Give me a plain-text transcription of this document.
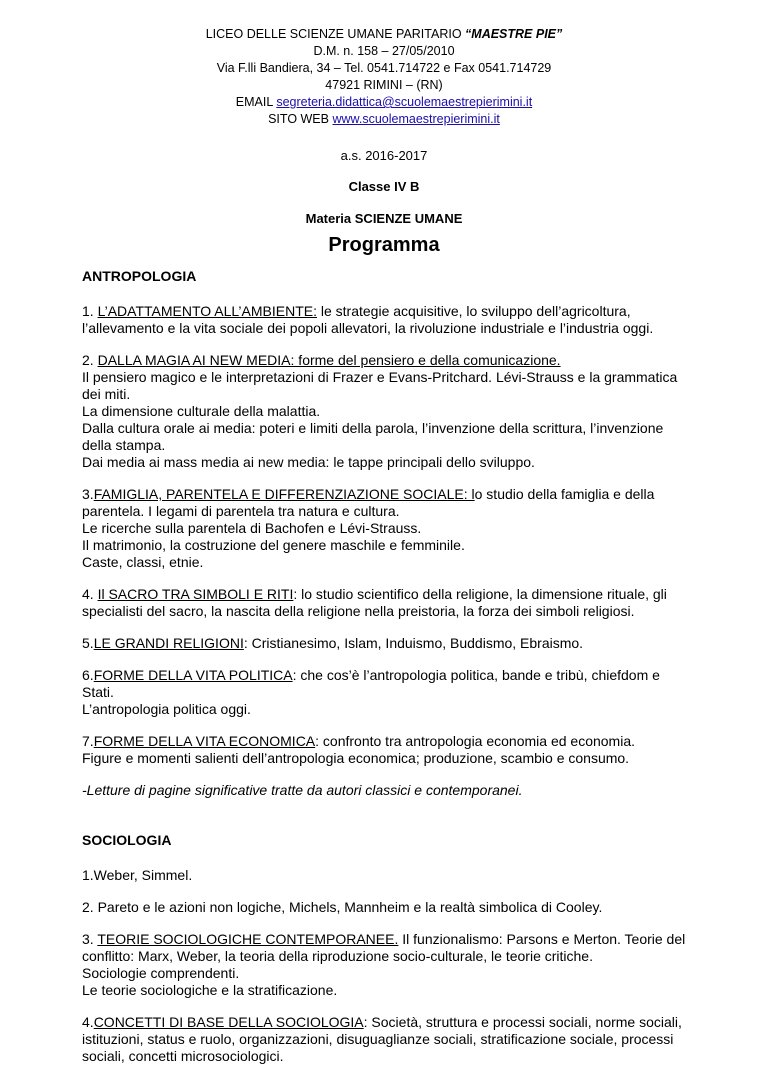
LICEO DELLE SCIENZE UMANE PARITARIO “MAESTRE PIE”
D.M. n. 158 – 27/05/2010
Via F.lli Bandiera, 34 – Tel. 0541.714722 e Fax 0541.714729
47921 RIMINI – (RN)
EMAIL segreteria.didattica@scuolemaestrepierimini.it
SITO WEB www.scuolemaestrepierimini.it
a.s. 2016-2017
Classe IV B
Materia SCIENZE UMANE
Programma
ANTROPOLOGIA
1. L’ADATTAMENTO ALL’AMBIENTE: le strategie acquisitive, lo sviluppo dell’agricoltura, l’allevamento e la vita sociale dei popoli allevatori, la rivoluzione industriale e l’industria oggi.
2. DALLA MAGIA AI NEW MEDIA: forme del pensiero e della comunicazione.
Il pensiero magico e le interpretazioni di Frazer e Evans-Pritchard. Lévi-Strauss e la grammatica dei miti.
La dimensione culturale della malattia.
Dalla cultura orale ai media: poteri e limiti della parola, l’invenzione della scrittura, l’invenzione della stampa.
Dai media ai mass media ai new media: le tappe principali dello sviluppo.
3.FAMIGLIA, PARENTELA E DIFFERENZIAZIONE SOCIALE: lo studio della famiglia e della parentela. I legami di parentela tra natura e cultura.
Le ricerche sulla parentela di Bachofen e Lévi-Strauss.
Il matrimonio, la costruzione del genere maschile e femminile.
Caste, classi, etnie.
4. Il SACRO TRA SIMBOLI E RITI: lo studio scientifico della religione, la dimensione rituale, gli specialisti del sacro, la nascita della religione nella preistoria, la forza dei simboli religiosi.
5.LE GRANDI RELIGIONI: Cristianesimo, Islam, Induismo, Buddismo, Ebraismo.
6.FORME DELLA VITA POLITICA: che cos’è l’antropologia politica, bande e tribù, chiefdom e Stati.
L’antropologia politica oggi.
7.FORME DELLA VITA ECONOMICA: confronto tra antropologia economia ed economia.
Figure e momenti salienti dell’antropologia economica; produzione, scambio e consumo.
-Letture di pagine significative tratte da autori classici e contemporanei.
SOCIOLOGIA
1.Weber, Simmel.
2. Pareto e le azioni non logiche, Michels, Mannheim e la realtà simbolica di Cooley.
3. TEORIE SOCIOLOGICHE CONTEMPORANEE. Il funzionalismo: Parsons e Merton. Teorie del conflitto: Marx, Weber, la teoria della riproduzione socio-culturale, le teorie critiche.
Sociologie comprendenti.
Le teorie sociologiche e la stratificazione.
4.CONCETTI DI BASE DELLA SOCIOLOGIA: Società, struttura e processi sociali, norme sociali, istituzioni, status e ruolo, organizzazioni, disuguaglianze sociali, stratificazione sociale, processi sociali, concetti microsociologici.
